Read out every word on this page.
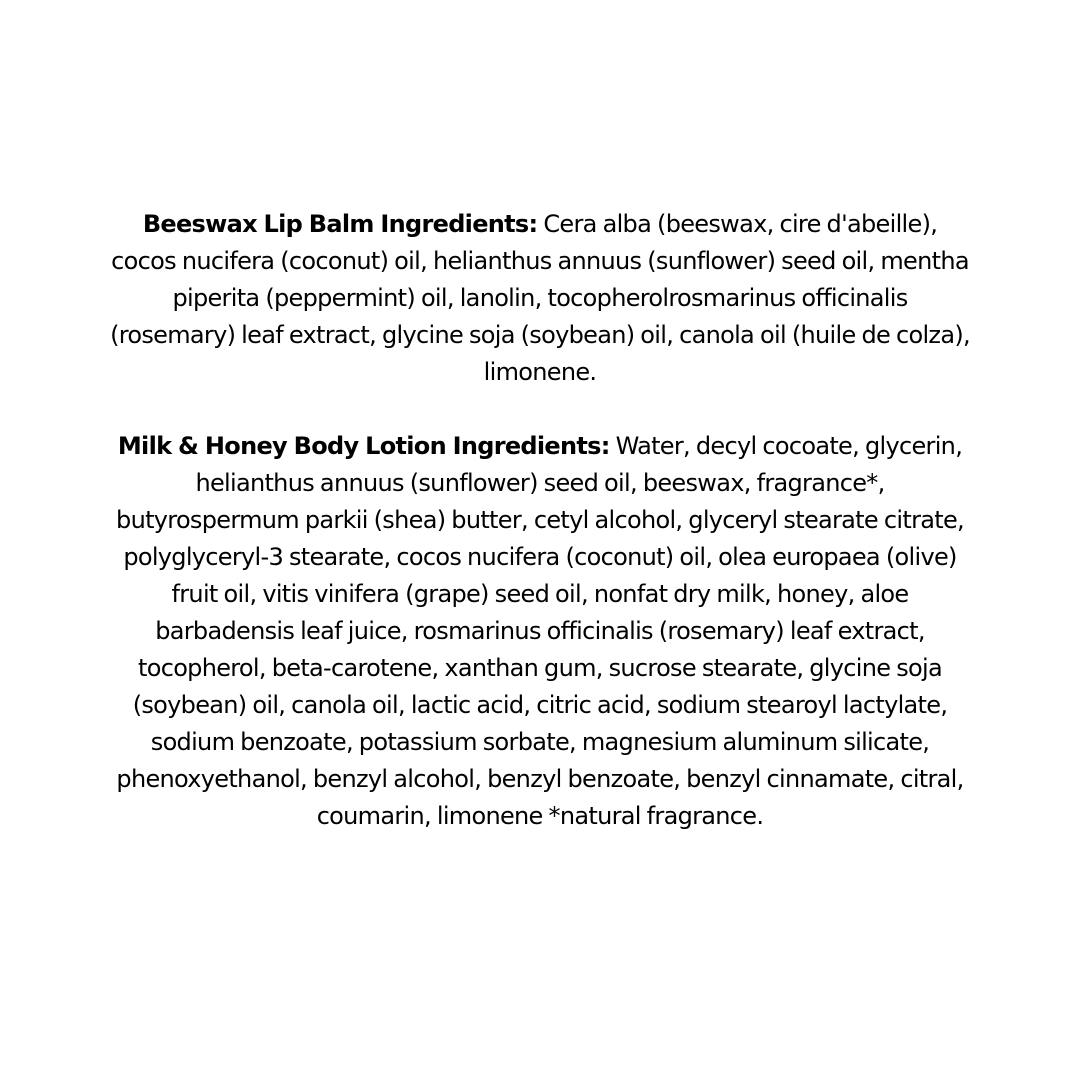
Beeswax Lip Balm Ingredients: Cera alba (beeswax, cire d'abeille), cocos nucifera (coconut) oil, helianthus annuus (sunflower) seed oil, mentha piperita (peppermint) oil, lanolin, tocopherolrosmarinus officinalis (rosemary) leaf extract, glycine soja (soybean) oil, canola oil (huile de colza), limonene.

Milk & Honey Body Lotion Ingredients: Water, decyl cocoate, glycerin, helianthus annuus (sunflower) seed oil, beeswax, fragrance*, butyrospermum parkii (shea) butter, cetyl alcohol, glyceryl stearate citrate, polyglyceryl-3 stearate, cocos nucifera (coconut) oil, olea europaea (olive) fruit oil, vitis vinifera (grape) seed oil, nonfat dry milk, honey, aloe barbadensis leaf juice, rosmarinus officinalis (rosemary) leaf extract, tocopherol, beta-carotene, xanthan gum, sucrose stearate, glycine soja (soybean) oil, canola oil, lactic acid, citric acid, sodium stearoyl lactylate, sodium benzoate, potassium sorbate, magnesium aluminum silicate, phenoxyethanol, benzyl alcohol, benzyl benzoate, benzyl cinnamate, citral, coumarin, limonene *natural fragrance.
